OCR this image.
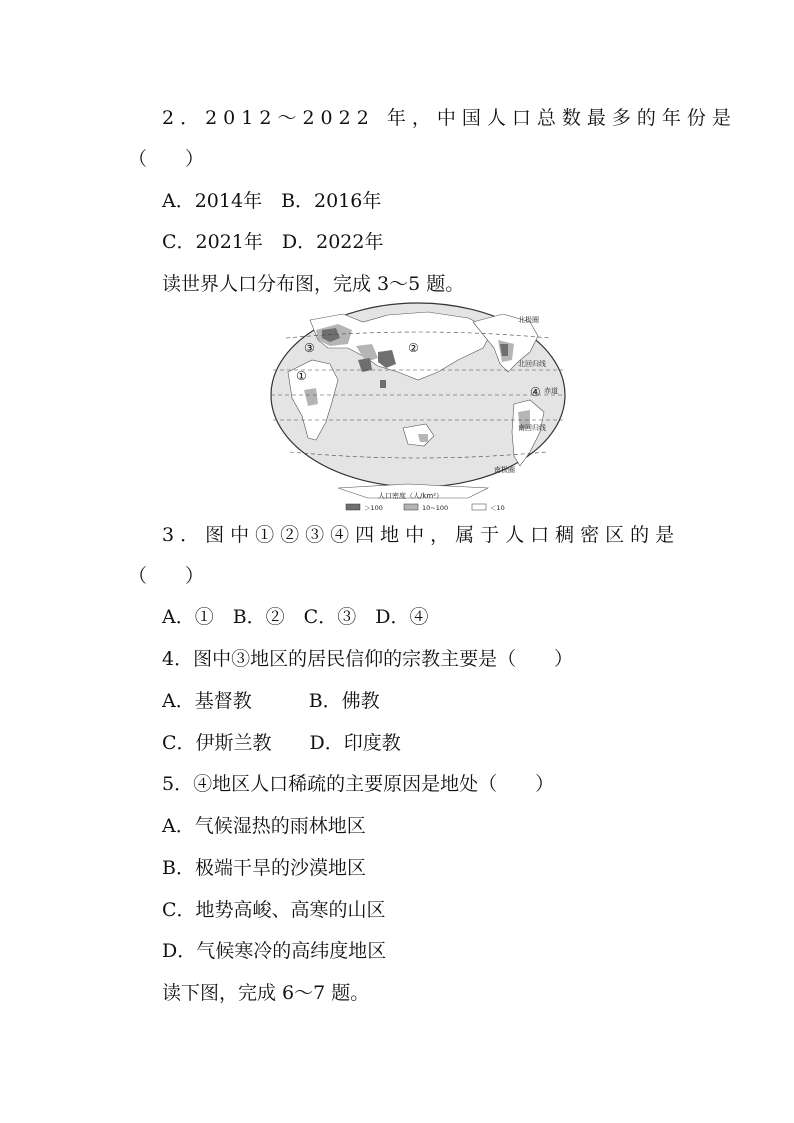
2．2012～2022 年，中国人口总数最多的年份是
（　　）
A．2014年　B．2016年
C．2021年　D．2022年
读世界人口分布图，完成 3～5 题。
②
③
①
④
北极圈
北回归线
赤道
南回归线
南极圈
人口密度（人/km²）
＞100	10~100	＜10
3．图中①②③④四地中，属于人口稠密区的是
（　　）
A．①　B．②　C．③　D．④
4．图中③地区的居民信仰的宗教主要是（　　）
A．基督教　　　B．佛教
C．伊斯兰教　　D．印度教
5．④地区人口稀疏的主要原因是地处（　　）
A．气候湿热的雨林地区
B．极端干旱的沙漠地区
C．地势高峻、高寒的山区
D．气候寒冷的高纬度地区
读下图，完成 6～7 题。
